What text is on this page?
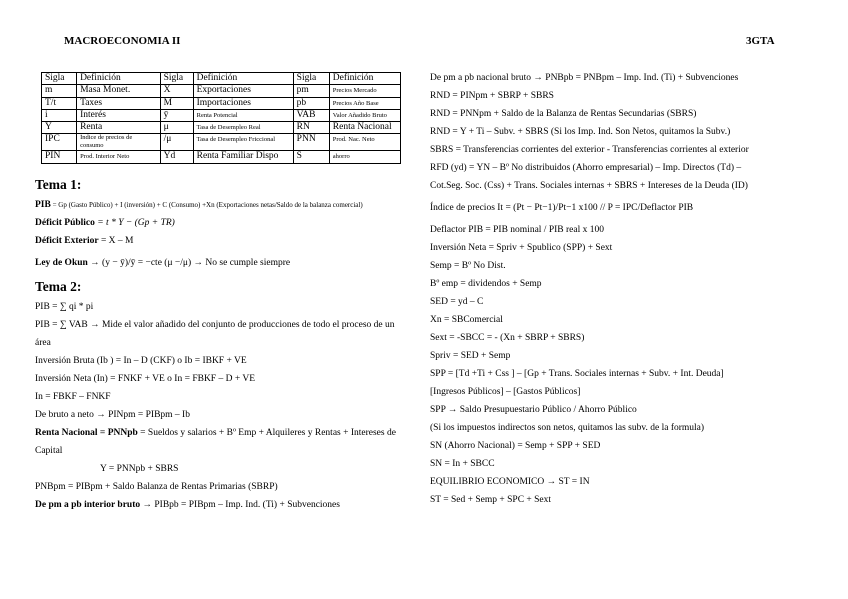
MACROECONOMIA II	3GTA
Sigla	Definición	Sigla	Definición	Sigla	Definición
m	Masa Monet.	X	Exportaciones	pm	Precios Mercado
T/t	Taxes	M	Importaciones	pb	Precios Año Base
i	Interés	ȳ	Renta Potencial	VAB	Valor Añadido Bruto
Y	Renta	μ	Tasa de Desempleo Real	RN	Renta Nacional
IPC	Índice de precios de consumo	/μ	Tasa de Desempleo Friccional	PNN	Prod. Nac. Neto
PIN	Prod. Interior Neto	Yd	Renta Familiar Dispo	S	ahorro
Tema 1:
PIB = Gp (Gasto Público) + I (inversión) + C (Consumo) +Xn (Exportaciones netas/Saldo de la balanza comercial)
Déficit Público = t * Y − (Gp + TR)
Déficit Exterior = X – M
Ley de Okun → (y − ȳ)/ȳ = −cte (μ −/μ) → No se cumple siempre
Tema 2:
PIB = ∑ qi * pi
PIB = ∑ VAB → Mide el valor añadido del conjunto de producciones de todo el proceso de un área
Inversión Bruta (Ib ) = In – D (CKF) o Ib = IBKF + VE
Inversión Neta (In) = FNKF + VE o In = FBKF – D + VE
In = FBKF – FNKF
De bruto a neto → PINpm = PIBpm – Ib
Renta Nacional = PNNpb = Sueldos y salarios + Bº Emp + Alquileres y Rentas + Intereses de Capital
Y = PNNpb + SBRS
PNBpm = PIBpm + Saldo Balanza de Rentas Primarias (SBRP)
De pm a pb interior bruto → PIBpb = PIBpm – Imp. Ind. (Ti) + Subvenciones
De pm a pb nacional bruto → PNBpb = PNBpm – Imp. Ind. (Ti) + Subvenciones
RND = PINpm + SBRP + SBRS
RND = PNNpm + Saldo de la Balanza de Rentas Secundarias (SBRS)
RND = Y + Ti – Subv. + SBRS (Si los Imp. Ind. Son Netos, quitamos la Subv.)
SBRS = Transferencias corrientes del exterior - Transferencias corrientes al exterior
RFD (yd) = YN – Bº No distribuidos (Ahorro empresarial) – Imp. Directos (Td) –
Cot.Seg. Soc. (Css) + Trans. Sociales internas + SBRS + Intereses de la Deuda (ID)
Índice de precios It = (Pt − Pt−1)/Pt−1 x100 // P = IPC/Deflactor PIB
Deflactor PIB = PIB nominal / PIB real x 100
Inversión Neta = Spriv + Spublico (SPP) + Sext
Semp = Bº No Dist.
Bº emp = dividendos + Semp
SED = yd – C
Xn = SBComercial
Sext = -SBCC = - (Xn + SBRP + SBRS)
Spriv = SED + Semp
SPP = [Td +Ti + Css ] – [Gp + Trans. Sociales internas + Subv. + Int. Deuda]
[Ingresos Públicos] – [Gastos Públicos]
SPP → Saldo Presupuestario Público / Ahorro Público
(Si los impuestos indirectos son netos, quitamos las subv. de la formula)
SN (Ahorro Nacional) = Semp + SPP + SED
SN = In + SBCC
EQUILIBRIO ECONOMICO → ST = IN
ST = Sed + Semp + SPC + Sext
